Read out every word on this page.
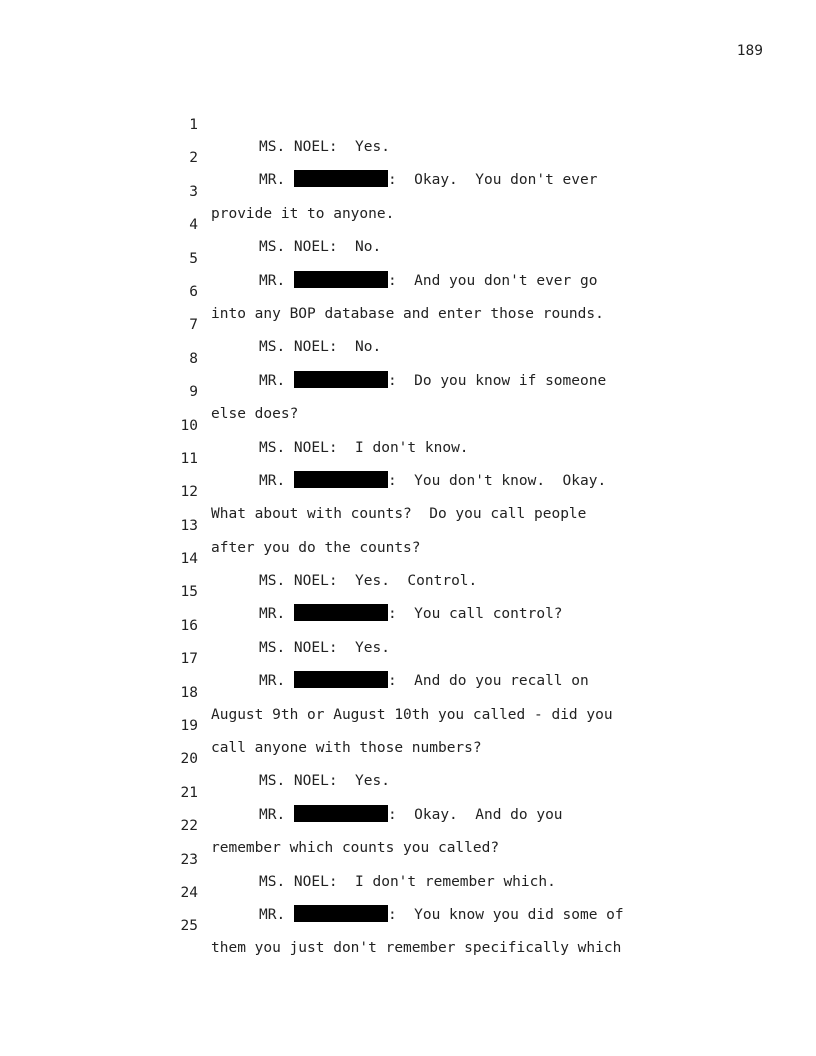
189

1

MS. NOEL:  Yes.

2

MR.	:  Okay.  You don't ever

3

provide it to anyone.

4

MS. NOEL:  No.

5

MR.	:  And you don't ever go

6

into any BOP database and enter those rounds.

7

MS. NOEL:  No.

8

MR.	:  Do you know if someone

9

else does?

10

MS. NOEL:  I don't know.

11

MR.	:  You don't know.  Okay.

12

What about with counts?  Do you call people

13

after you do the counts?

14

MS. NOEL:  Yes.  Control.

15

MR.	:  You call control?

16

MS. NOEL:  Yes.

17

MR.	:  And do you recall on

18

August 9th or August 10th you called - did you

19

call anyone with those numbers?

20

MS. NOEL:  Yes.

21

MR.	:  Okay.  And do you

22

remember which counts you called?

23

MS. NOEL:  I don't remember which.

24

MR.	:  You know you did some of

25

them you just don't remember specifically which
